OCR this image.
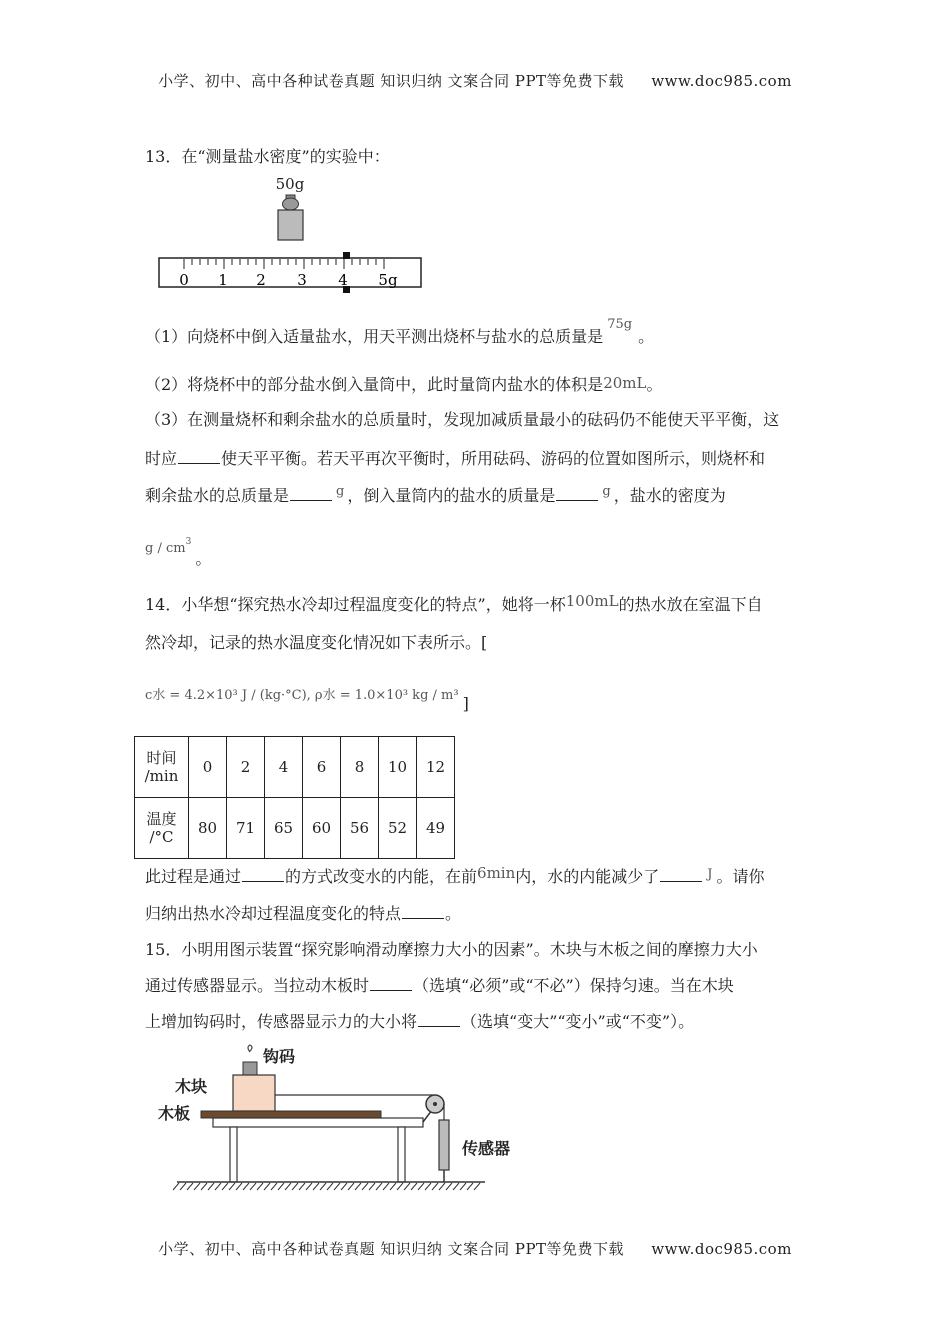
小学、初中、高中各种试卷真题 知识归纳 文案合同 PPT等免费下载 www.doc985.com
13．在“测量盐水密度”的实验中：
50g
0 1 2 3 4 5g
（1）向烧杯中倒入适量盐水，用天平测出烧杯与盐水的总质量是$^{75g}$。
（2）将烧杯中的部分盐水倒入量筒中，此时量筒内盐水的体积是20mL。
（3）在测量烧杯和剩余盐水的总质量时，发现加减质量最小的砝码仍不能使天平平衡，这
时应	使天平平衡。若天平再次平衡时，所用砝码、游码的位置如图所示，则烧杯和
剩余盐水的总质量是	$^g$ ，倒入量筒内的盐水的质量是	$^g$ ，盐水的密度为
g / $cm^3$。
14．小华想“探究热水冷却过程温度变化的特点”，她将一杯100mL的热水放在室温下自
然冷却，记录的热水温度变化情况如下表所示。[
c水 = 4.2×10³ J / (kg·°C), ρ水 = 1.0×10³ kg / m³ ]
时间
/min	0	2	4	6	8	10	12
温度
/°C	80	71	65	60	56	52	49
此过程是通过	的方式改变水的内能，在前6min内，水的内能减少了	$^J$ 。请你
归纳出热水冷却过程温度变化的特点	。
15．小明用图示装置“探究影响滑动摩擦力大小的因素”。木块与木板之间的摩擦力大小
通过传感器显示。当拉动木板时	（选填“必须”或“不必”）保持匀速。当在木块
上增加钩码时，传感器显示力的大小将	（选填“变大”“变小”或“不变”）。
钩码
木块
木板
传感器
小学、初中、高中各种试卷真题 知识归纳 文案合同 PPT等免费下载 www.doc985.com
